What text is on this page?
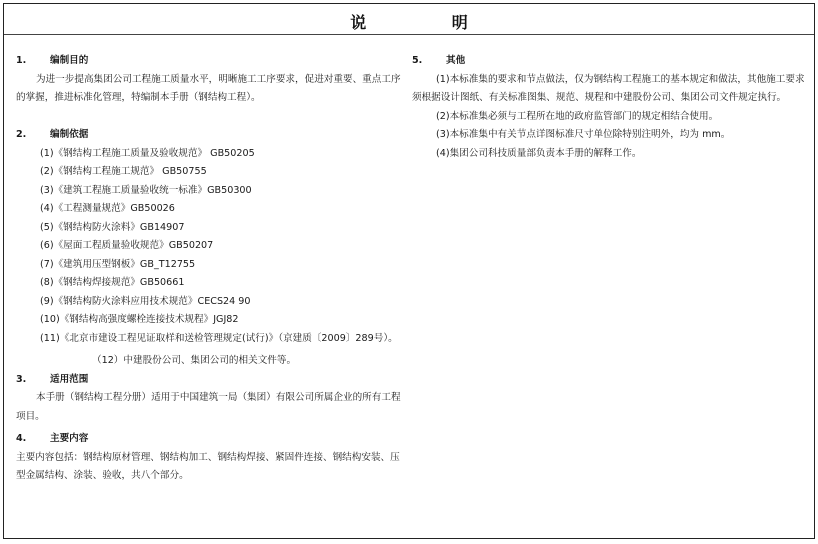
说 明
1. 编制目的

为进一步提高集团公司工程施工质量水平，明晰施工工序要求，促进对重要、重点工序的掌握，推进标准化管理，特编制本手册（钢结构工程）。

2. 编制依据

(1)《钢结构工程施工质量及验收规范》 GB50205

(2)《钢结构工程施工规范》 GB50755

(3)《建筑工程施工质量验收统一标准》GB50300

(4)《工程测量规范》GB50026

(5)《钢结构防火涂料》GB14907

(6)《屋面工程质量验收规范》GB50207

(7)《建筑用压型钢板》GB_T12755

(8)《钢结构焊接规范》GB50661

(9)《钢结构防火涂料应用技术规范》CECS24 90

(10)《钢结构高强度螺栓连接技术规程》JGJ82

(11)《北京市建设工程见证取样和送检管理规定(试行)》（京建质〔2009〕289号）。

（12）中建股份公司、集团公司的相关文件等。

3. 适用范围

本手册（钢结构工程分册）适用于中国建筑一局（集团）有限公司所属企业的所有工程项目。

4. 主要内容

主要内容包括：钢结构原材管理、钢结构加工、钢结构焊接、紧固件连接、钢结构安装、压型金属结构、涂装、验收，共八个部分。

5. 其他

(1)本标准集的要求和节点做法，仅为钢结构工程施工的基本规定和做法，其他施工要求须根据设计图纸、有关标准图集、规范、规程和中建股份公司、集团公司文件规定执行。

(2)本标准集必须与工程所在地的政府监管部门的规定相结合使用。

(3)本标准集中有关节点详图标准尺寸单位除特别注明外，均为 mm。

(4)集团公司科技质量部负责本手册的解释工作。
